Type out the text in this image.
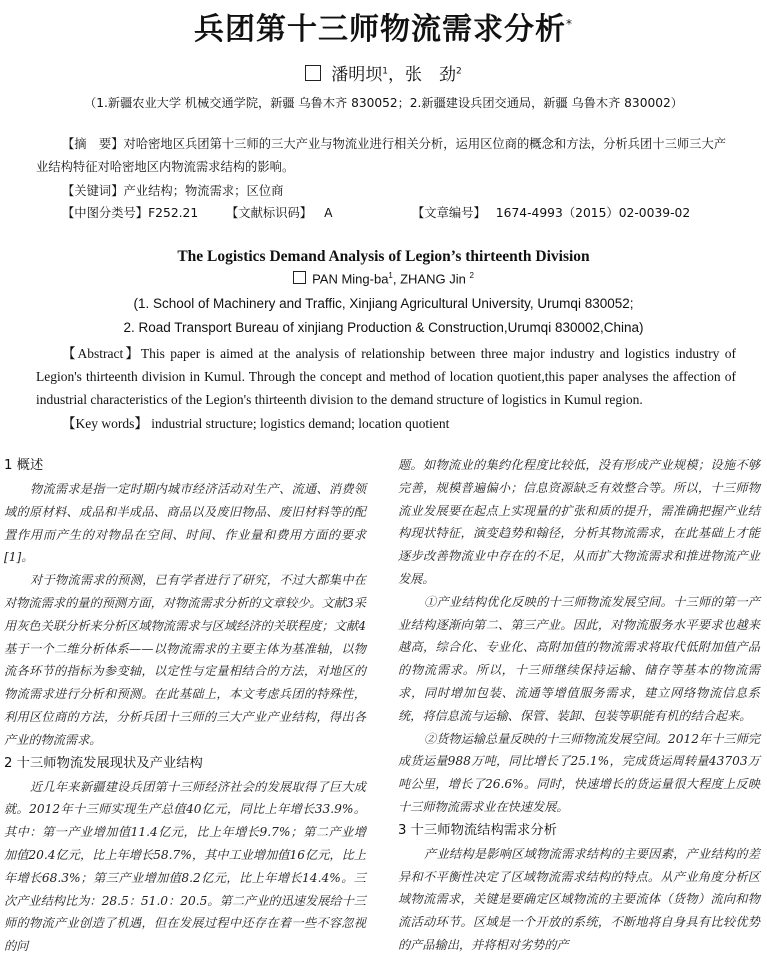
兵团第十三师物流需求分析*
潘明坝$^1$，张　劲$^2$
（1.新疆农业大学 机械交通学院，新疆 乌鲁木齐 830052；2.新疆建设兵团交通局，新疆 乌鲁木齐 830002）
【摘　要】对哈密地区兵团第十三师的三大产业与物流业进行相关分析，运用区位商的概念和方法，分析兵团十三师三大产业结构特征对哈密地区内物流需求结构的影响。
【关键词】产业结构；物流需求；区位商
【中图分类号】F252.21 【文献标识码】 A	【文章编号】 1674-4993（2015）02-0039-02
The Logistics Demand Analysis of Legion’s thirteenth Division
PAN Ming-$ba^1$, ZHANG Jin $^2$
(1. School of Machinery and Traffic, Xinjiang Agricultural University, Urumqi 830052;
2. Road Transport Bureau of xinjiang Production & Construction,Urumqi 830002,China)
【Abstract】This paper is aimed at the analysis of relationship between three major industry and logistics industry of Legion's thirteenth division in Kumul. Through the concept and method of location quotient,this paper analyses the affection of industrial characteristics of the Legion's thirteenth division to the demand structure of logistics in Kumul region.
【Key words】 industrial structure; logistics demand; location quotient
1 概述

物流需求是指一定时期内城市经济活动对生产、流通、消费领域的原材料、成品和半成品、商品以及废旧物品、废旧材料等的配置作用而产生的对物品在空间、时间、作业量和费用方面的要求[1]。

对于物流需求的预测，已有学者进行了研究，不过大都集中在对物流需求的量的预测方面，对物流需求分析的文章较少。文献3采用灰色关联分析来分析区域物流需求与区域经济的关联程度；文献4基于一个二维分析体系——以物流需求的主要主体为基准轴，以物流各环节的指标为参变轴，以定性与定量相结合的方法，对地区的物流需求进行分析和预测。在此基础上，本文考虑兵团的特殊性，利用区位商的方法，分析兵团十三师的三大产业产业结构，得出各产业的物流需求。

2 十三师物流发展现状及产业结构

近几年来新疆建设兵团第十三师经济社会的发展取得了巨大成就。2012年十三师实现生产总值40亿元，同比上年增长33.9%。其中：第一产业增加值11.4亿元，比上年增长9.7%；第二产业增加值20.4亿元，比上年增长58.7%，其中工业增加值16亿元，比上年增长68.3%；第三产业增加值8.2亿元，比上年增长14.4%。三次产业结构比为：28.5：51.0：20.5。第二产业的迅速发展给十三师的物流产业创造了机遇，但在发展过程中还存在着一些不容忽视的问

题。如物流业的集约化程度比较低，没有形成产业规模；设施不够完善，规模普遍偏小；信息资源缺乏有效整合等。所以，十三师物流业发展要在起点上实现量的扩张和质的提升，需准确把握产业结构现状特征，演变趋势和翰径，分析其物流需求，在此基础上才能逐步改善物流业中存在的不足，从而扩大物流需求和推进物流产业发展。

①产业结构优化反映的十三师物流发展空间。十三师的第一产业结构逐渐向第二、第三产业。因此，对物流服务水平要求也越来越高，综合化、专业化、高附加值的物流需求将取代低附加值产品的物流需求。所以，十三师继续保持运输、储存等基本的物流需求，同时增加包装、流通等增值服务需求，建立网络物流信息系统，将信息流与运输、保管、装卸、包装等职能有机的结合起来。

②货物运输总量反映的十三师物流发展空间。2012年十三师完成货运量988万吨，同比增长了25.1%，完成货运周转量43703万吨公里，增长了26.6%。同时，快速增长的货运量很大程度上反映十三师物流需求业在快速发展。

3 十三师物流结构需求分析

产业结构是影响区域物流需求结构的主要因素，产业结构的差异和不平衡性决定了区域物流需求结构的特点。从产业角度分析区域物流需求，关键是要确定区域物流的主要流体（货物）流向和物流活动环节。区域是一个开放的系统，不断地将自身具有比较优势的产品输出，并将相对劣势的产
